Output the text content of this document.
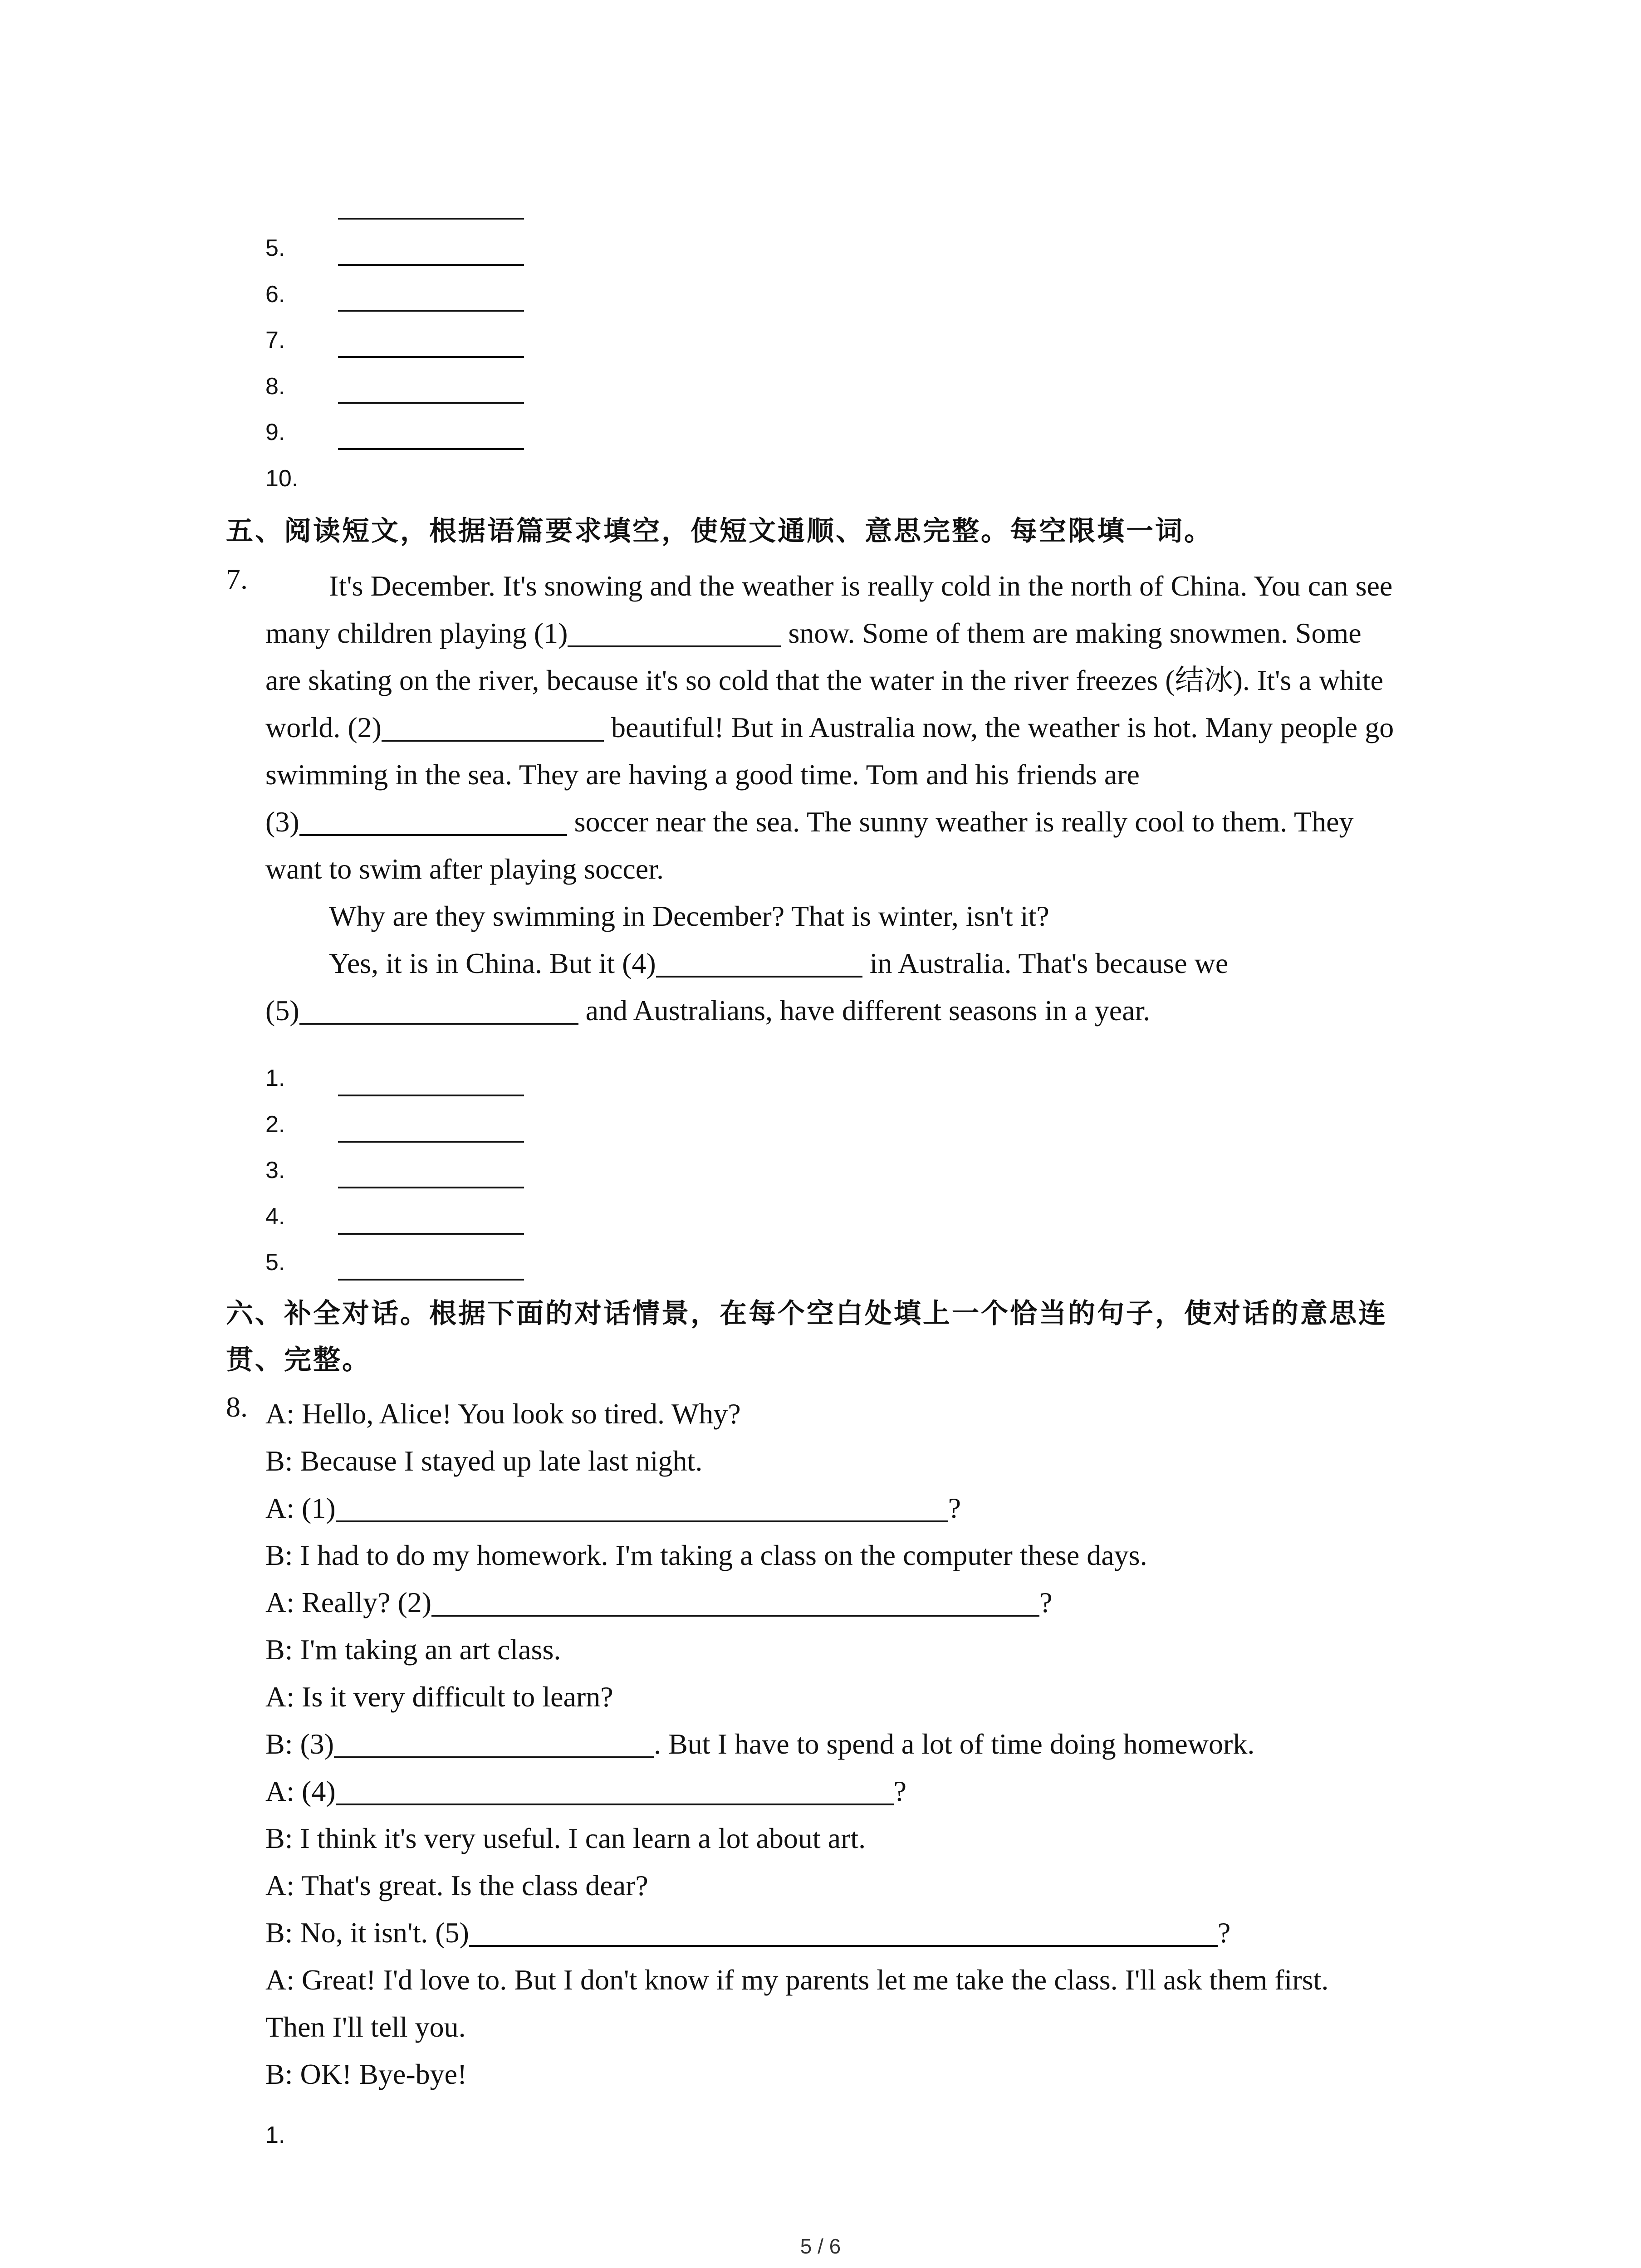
5.
6.
7.
8.
9.
10.
五、阅读短文，根据语篇要求填空，使短文通顺、意思完整。每空限填一词。
7.	It's December. It's snowing and the weather is really cold in the north of China. You can see
many children playing (1)	snow. Some of them are making snowmen. Some
are skating on the river, because it's so cold that the water in the river freezes (结冰). It's a white
world. (2)	beautiful! But in Australia now, the weather is hot. Many people go
swimming in the sea. They are having a good time. Tom and his friends are
(3)	soccer near the sea. The sunny weather is really cool to them. They
want to swim after playing soccer.
Why are they swimming in December? That is winter, isn't it?
Yes, it is in China. But it (4)	in Australia. That's because we
(5)	and Australians, have different seasons in a year.
1.
2.
3.
4.
5.
六、补全对话。根据下面的对话情景，在每个空白处填上一个恰当的句子，使对话的意思连
贯、完整。
8. A: Hello, Alice! You look so tired. Why?
B: Because I stayed up late last night.
A: (1)	?
B: I had to do my homework. I'm taking a class on the computer these days.
A: Really? (2)	?
B: I'm taking an art class.
A: Is it very difficult to learn?
B: (3)	. But I have to spend a lot of time doing homework.
A: (4)	?
B: I think it's very useful. I can learn a lot about art.
A: That's great. Is the class dear?
B: No, it isn't. (5)	?
A: Great! I'd love to. But I don't know if my parents let me take the class. I'll ask them first.
Then I'll tell you.
B: OK! Bye-bye!
1.
5 / 6
